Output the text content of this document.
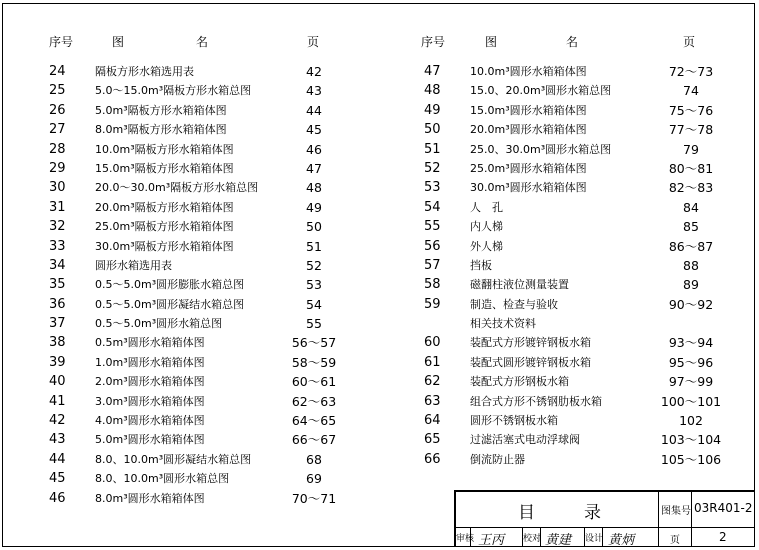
序号	图	名	页	序号	图	名	页
24	隔板方形水箱选用表	42
25	5.0～15.0m³隔板方形水箱总图	43
26	5.0m³隔板方形水箱箱体图	44
27	8.0m³隔板方形水箱箱体图	45
28	10.0m³隔板方形水箱箱体图	46
29	15.0m³隔板方形水箱箱体图	47
30	20.0～30.0m³隔板方形水箱总图	48
31	20.0m³隔板方形水箱箱体图	49
32	25.0m³隔板方形水箱箱体图	50
33	30.0m³隔板方形水箱箱体图	51
34	圆形水箱选用表	52
35	0.5～5.0m³圆形膨胀水箱总图	53
36	0.5～5.0m³圆形凝结水箱总图	54
37	0.5～5.0m³圆形水箱总图	55
38	0.5m³圆形水箱箱体图	56～57
39	1.0m³圆形水箱箱体图	58～59
40	2.0m³圆形水箱箱体图	60～61
41	3.0m³圆形水箱箱体图	62～63
42	4.0m³圆形水箱箱体图	64～65
43	5.0m³圆形水箱箱体图	66～67
44	8.0、10.0m³圆形凝结水箱总图	68
45	8.0、10.0m³圆形水箱总图	69
46	8.0m³圆形水箱箱体图	70～71
47	10.0m³圆形水箱箱体图	72～73
48	15.0、20.0m³圆形水箱总图	74
49	15.0m³圆形水箱箱体图	75～76
50	20.0m³圆形水箱箱体图	77～78
51	25.0、30.0m³圆形水箱总图	79
52	25.0m³圆形水箱箱体图	80～81
53	30.0m³圆形水箱箱体图	82～83
54	人　孔	84
55	内人梯	85
56	外人梯	86～87
57	挡板	88
58	磁翻柱液位测量装置	89
59	制造、检查与验收	90～92
相关技术资料
60	装配式方形镀锌钢板水箱	93～94
61	装配式圆形镀锌钢板水箱	95～96
62	装配式方形钢板水箱	97～99
63	组合式方形不锈钢肋板水箱	100～101
64	圆形不锈钢板水箱	102
65	过滤活塞式电动浮球阀	103～104
66	倒流防止器	105～106
目	录	图集号 03R401-2
审核 王丙 校对 黄建 设计 黄炳	页	2
